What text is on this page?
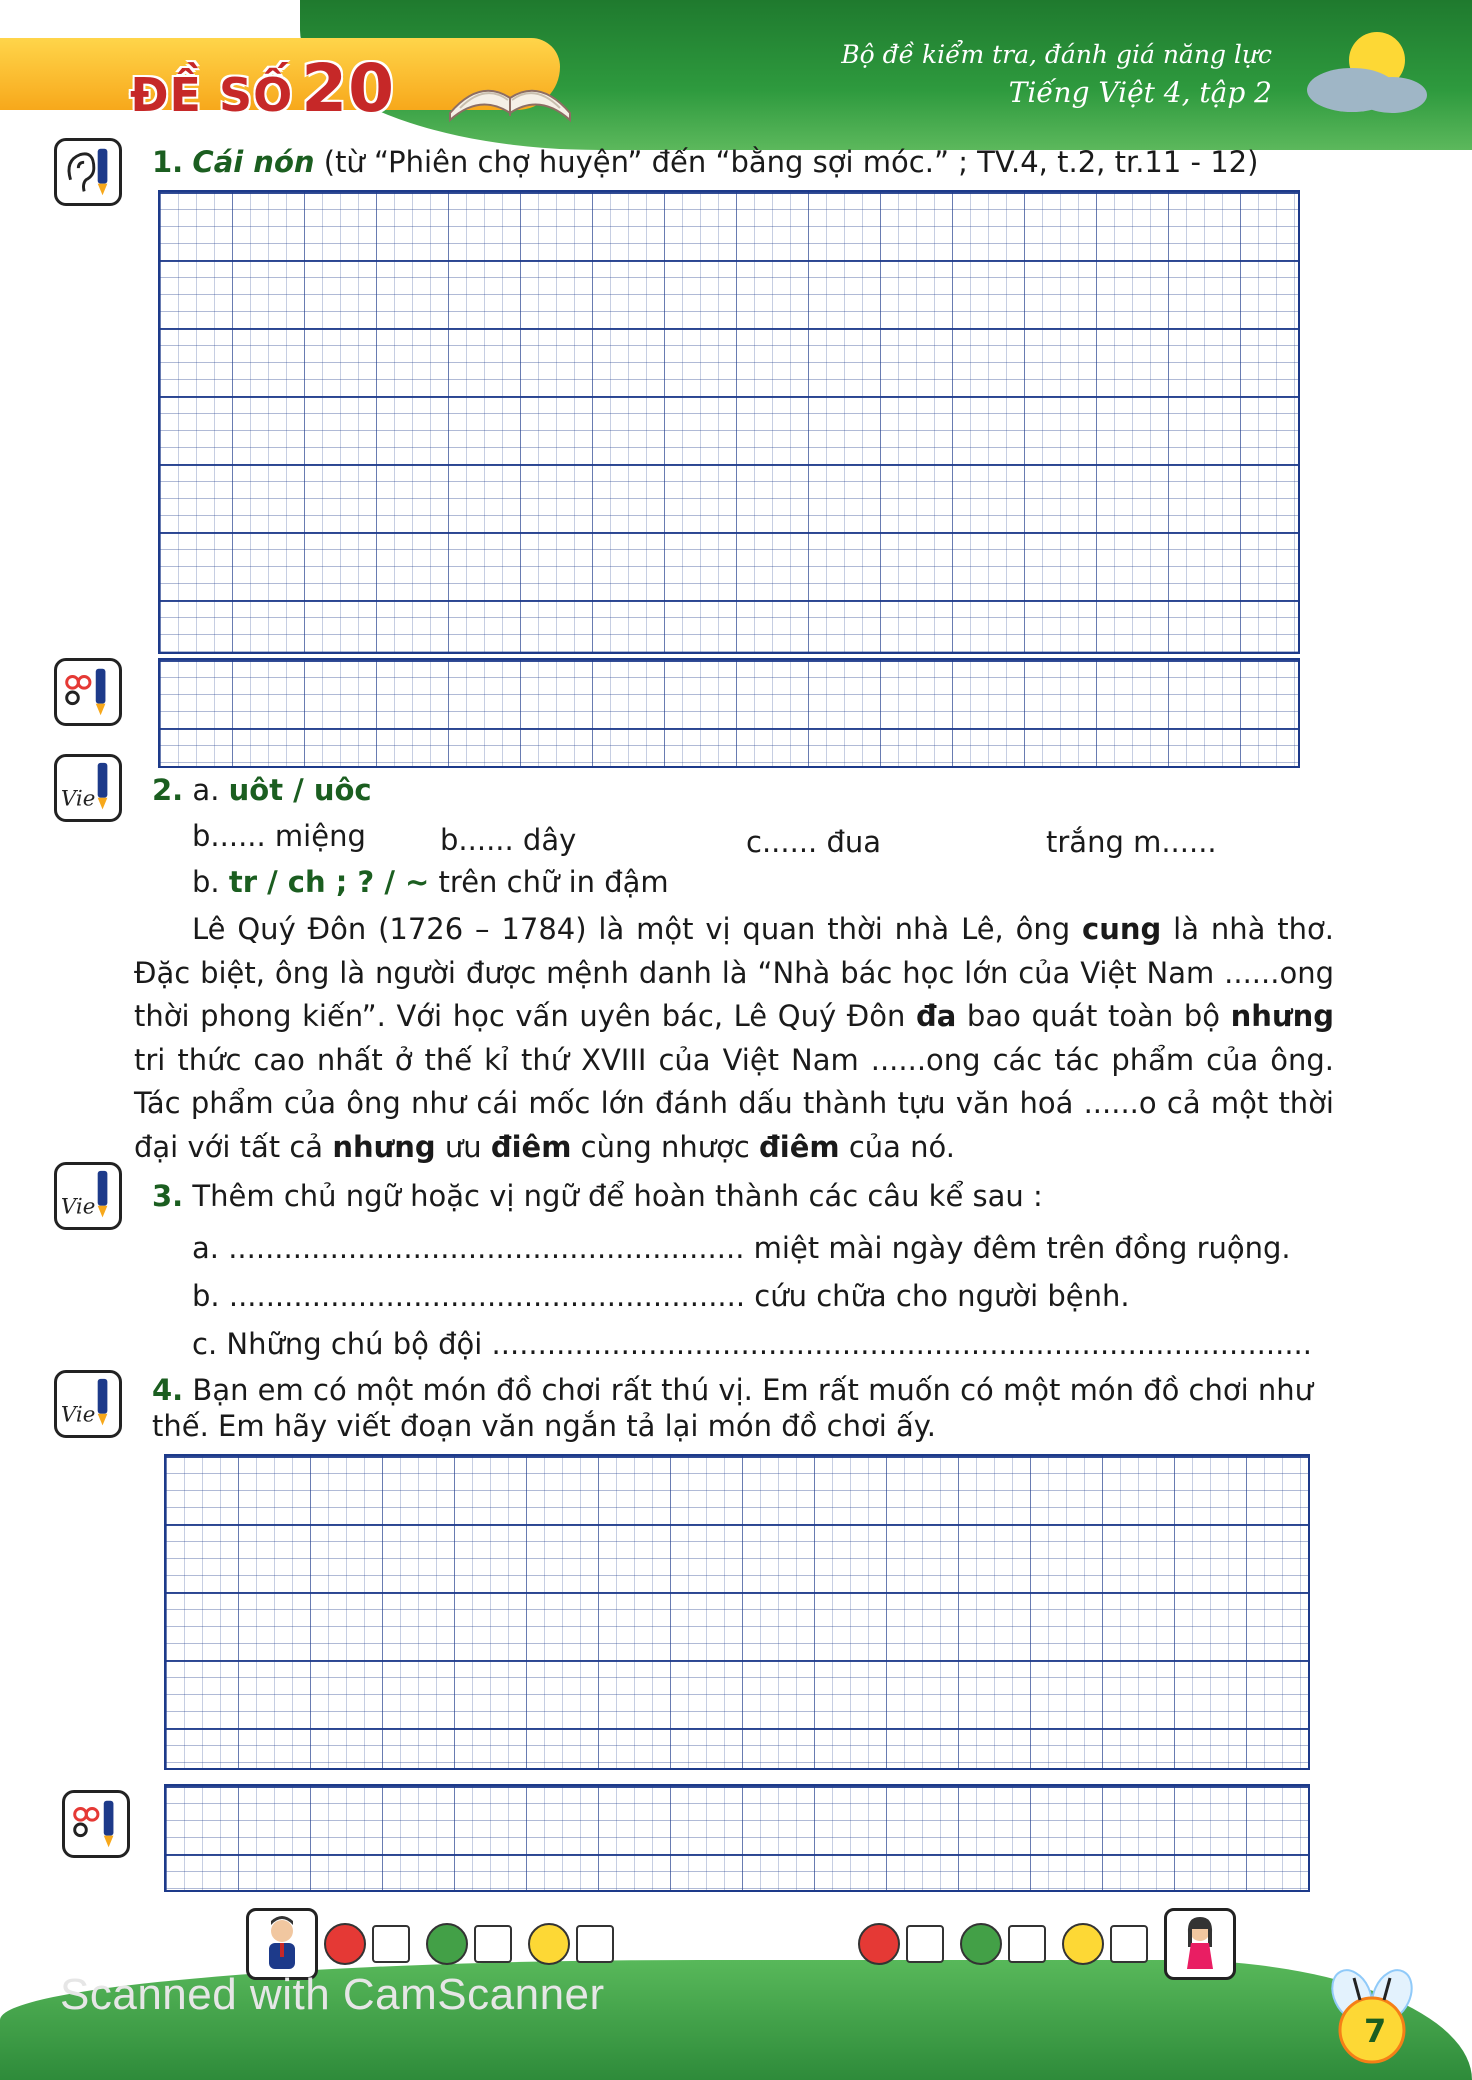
ĐỀ SỐ 20	Bộ đề kiểm tra, đánh giá năng lực
Tiếng Việt 4, tập 2
1. Cái nón (từ “Phiên chợ huyện” đến “bằng sợi móc.” ; TV.4, t.2, tr.11 - 12)
Vie 2. a. uôt / uôc
b...... miệng	b...... dây	c...... đua	trắng m......
b. tr / ch ; ? / ~ trên chữ in đậm

Lê Quý Đôn (1726 – 1784) là một vị quan thời nhà Lê, ông cung là nhà thơ. Đặc biệt, ông là người được mệnh danh là “Nhà bác học lớn của Việt Nam ......ong thời phong kiến”. Với học vấn uyên bác, Lê Quý Đôn đa bao quát toàn bộ nhưng tri thức cao nhất ở thế kỉ thứ XVIII của Việt Nam ......ong các tác phẩm của ông. Tác phẩm của ông như cái mốc lớn đánh dấu thành tựu văn hoá ......o cả một thời đại với tất cả nhưng ưu điêm cùng nhược điêm của nó.

Vie 3. Thêm chủ ngữ hoặc vị ngữ để hoàn thành các câu kể sau :
a. ........................................................ miệt mài ngày đêm trên đồng ruộng.
b. ........................................................ cứu chữa cho người bệnh.
c. Những chú bộ đội .........................................................................................
Vie
4. Bạn em có một món đồ chơi rất thú vị. Em rất muốn có một món đồ chơi như
thế. Em hãy viết đoạn văn ngắn tả lại món đồ chơi ấy.
Scanned with CamScanner
7
